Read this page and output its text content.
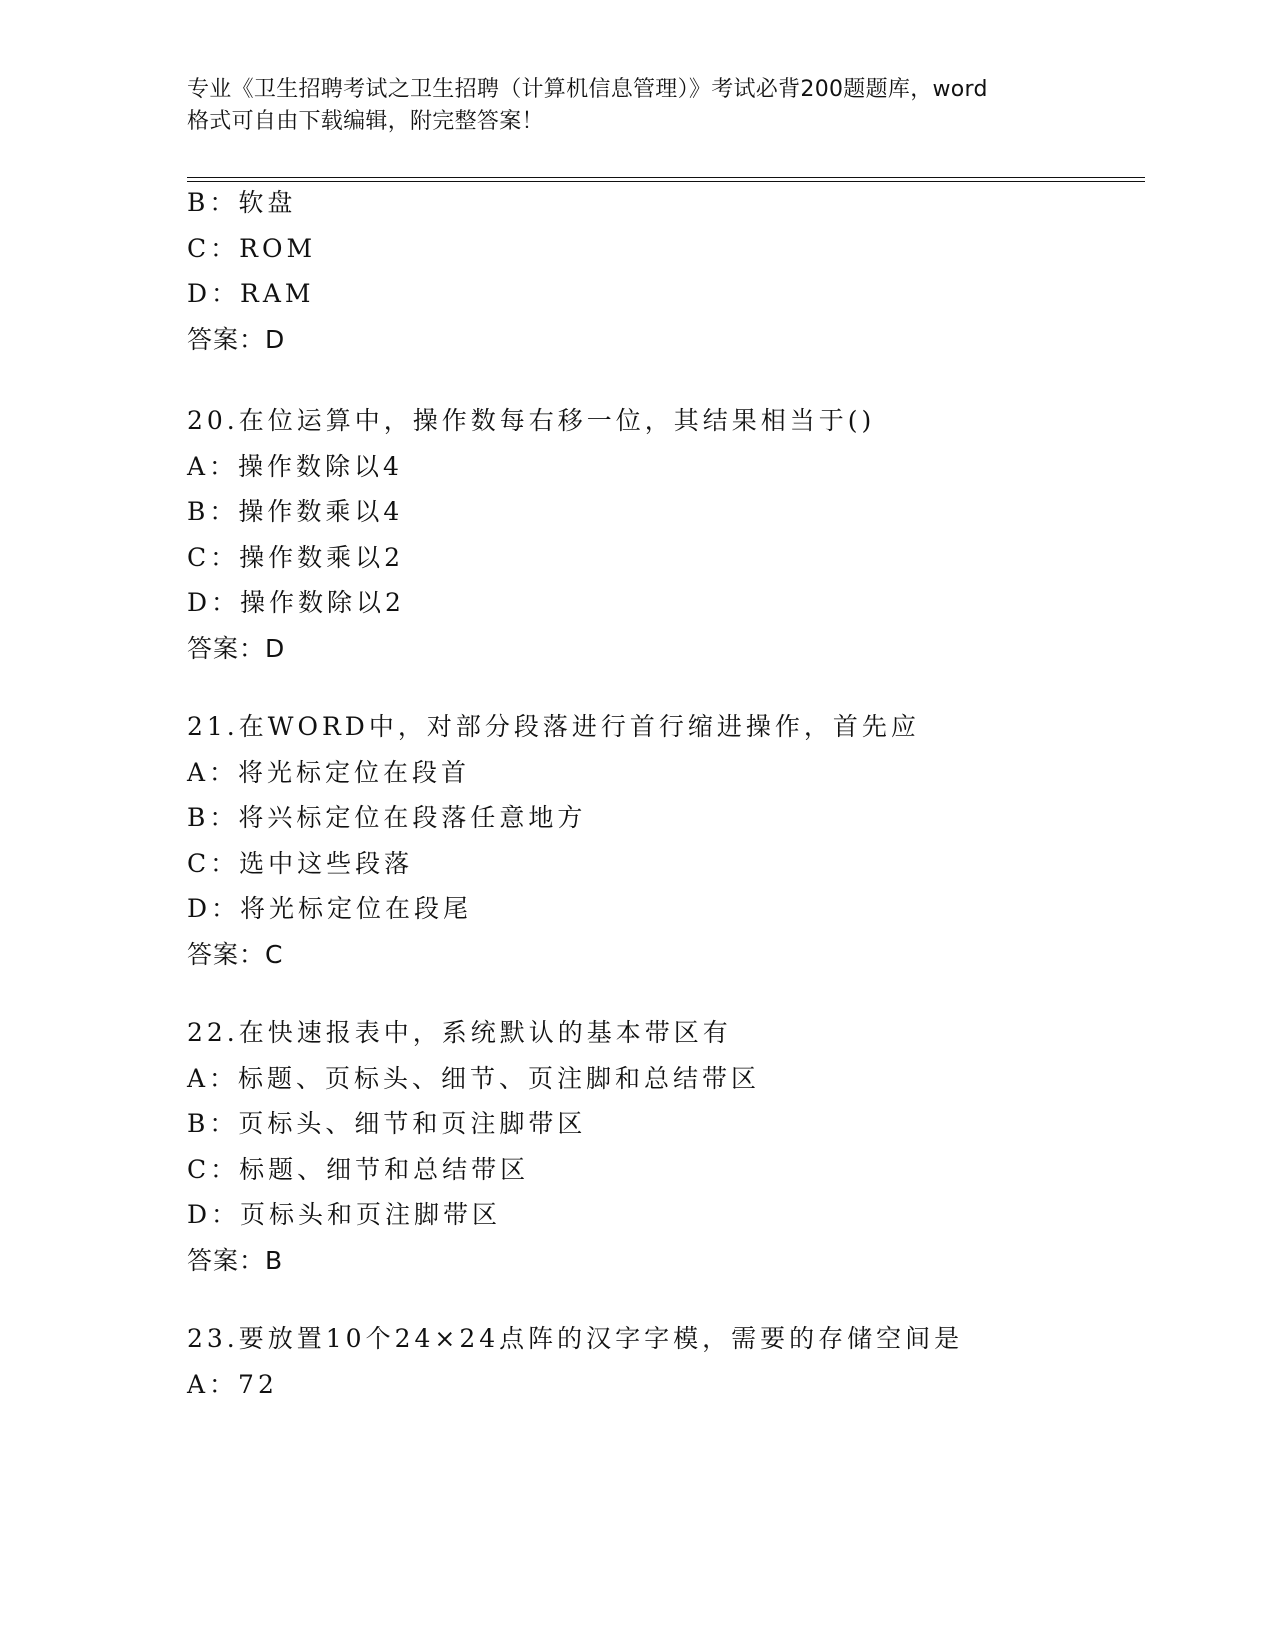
专业《卫生招聘考试之卫生招聘（计算机信息管理）》考试必背200题题库，word
格式可自由下载编辑，附完整答案！
B：软盘
C：ROM
D：RAM
答案：D
20.在位运算中，操作数每右移一位，其结果相当于()
A：操作数除以4
B：操作数乘以4
C：操作数乘以2
D：操作数除以2
答案：D
21.在WORD中，对部分段落进行首行缩进操作，首先应
A：将光标定位在段首
B：将兴标定位在段落任意地方
C：选中这些段落
D：将光标定位在段尾
答案：C
22.在快速报表中，系统默认的基本带区有
A：标题、页标头、细节、页注脚和总结带区
B：页标头、细节和页注脚带区
C：标题、细节和总结带区
D：页标头和页注脚带区
答案：B
23.要放置10个24×24点阵的汉字字模，需要的存储空间是
A：72
